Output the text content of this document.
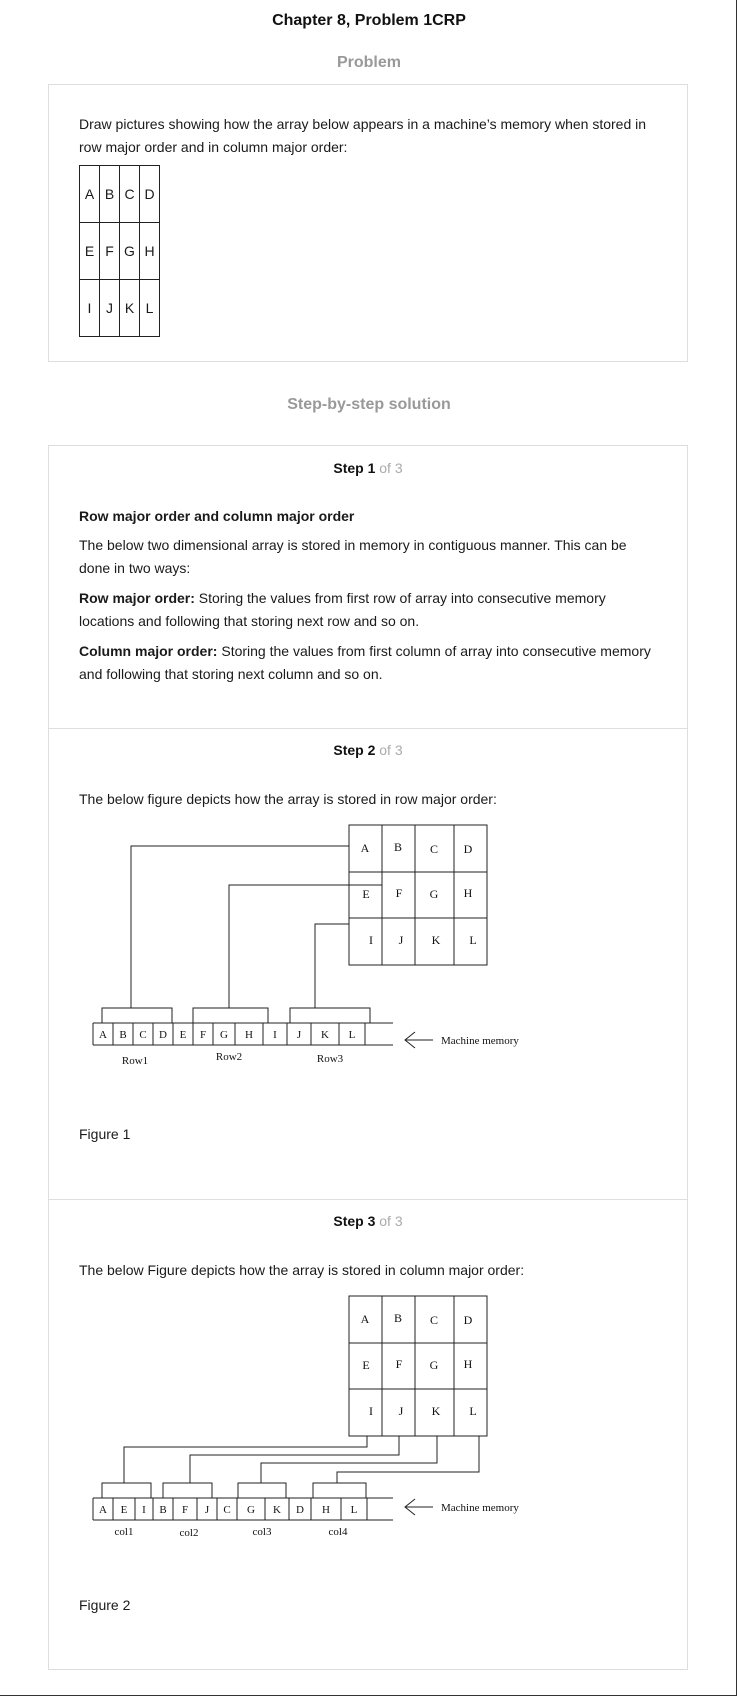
Chapter 8, Problem 1CRP
Problem

Draw pictures showing how the array below appears in a machine’s memory when stored in row major order and in column major order:

A	B	C	D
E	F	G	H
I	J	K	L
Step-by-step solution
Step 1 of 3
Row major order and column major order

The below two dimensional array is stored in memory in contiguous manner. This can be done in two ways:

Row major order: Storing the values from first row of array into consecutive memory locations and following that storing next row and so on.

Column major order: Storing the values from first column of array into consecutive memory and following that storing next column and so on.

Step 2 of 3

The below figure depicts how the array is stored in row major order:

A B C D
E F G H
I J K L
A B C D E F G H I J K L
Row1	Row2	Row3
Machine memory
Figure 1
Step 3 of 3

The below Figure depicts how the array is stored in column major order:

A B C D
E F G H
I J K L
A E I B F J C G K D H L
col1	col2	col3	col4
Machine memory
Figure 2
